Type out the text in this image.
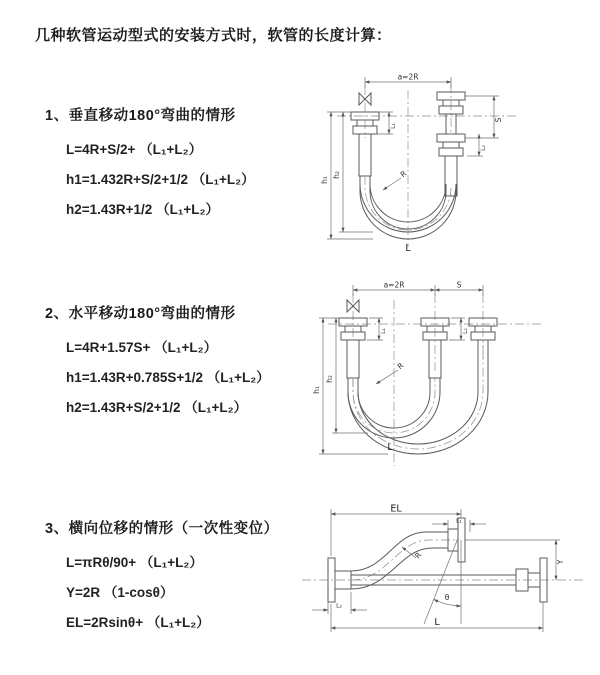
几种软管运动型式的安装方式时，软管的长度计算：
1、垂直移动180°弯曲的情形
L=4R+S/2+ （L₁+L₂）
h1=1.432R+S/2+1/2 （L₁+L₂）
h2=1.43R+1/2 （L₁+L₂）
2、水平移动180°弯曲的情形
L=4R+1.57S+ （L₁+L₂）
h1=1.43R+0.785S+1/2 （L₁+L₂）
h2=1.43R+S/2+1/2 （L₁+L₂）
3、横向位移的情形（一次性变位）
L=πRθ/90+ （L₁+L₂）
Y=2R （1-cosθ）
EL=2Rsinθ+ （L₁+L₂）
a=2R
L₁
S
L₂
R
h₁
h₂
L
a=2R	S
L₁	L₂
R
h₁
h₂
L
EL
L₁
Y
θ
R
L₂
L
